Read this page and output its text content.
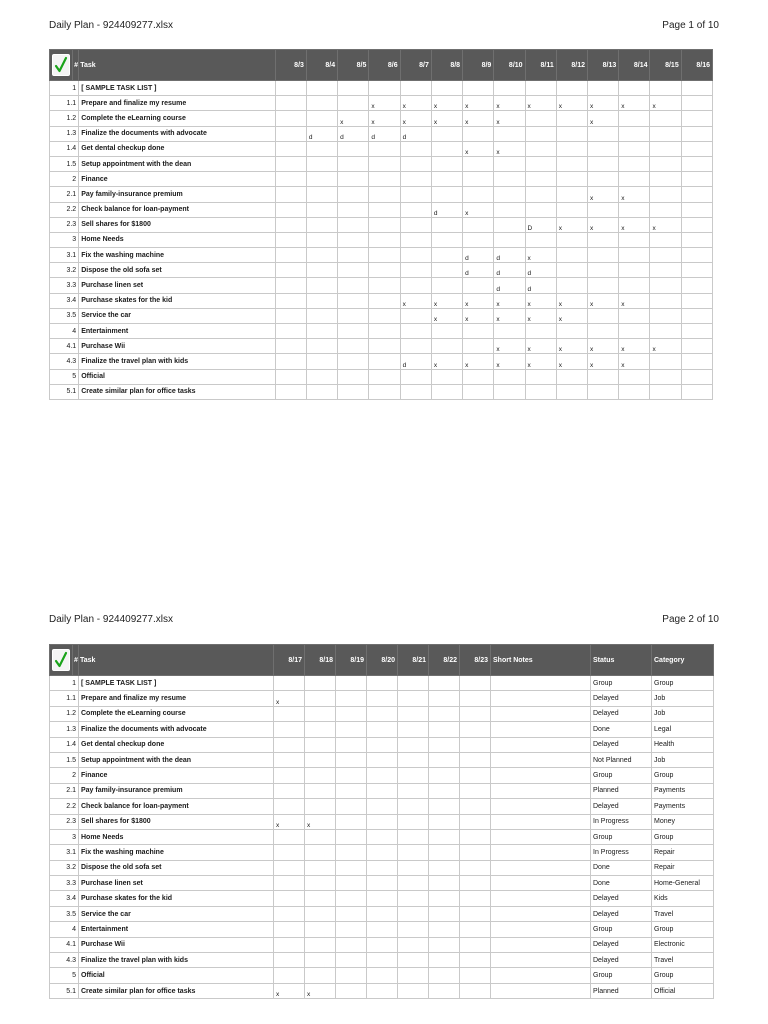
Daily Plan - 924409277.xlsx	Page 1 of 10
	#	Task	8/3	8/4	8/5	8/6	8/7	8/8	8/9	8/10	8/11	8/12	8/13	8/14	8/15	8/16
1		[ SAMPLE TASK LIST ]														
1.1		Prepare and finalize my resume				x	x	x	x	x	x	x	x	x	x	
1.2		Complete the eLearning course			x	x	x	x	x	x			x			
1.3		Finalize the documents with advocate		d	d	d	d									
1.4		Get dental checkup done							x	x						
1.5		Setup appointment with the dean														
2		Finance														
2.1		Pay family-insurance premium											x	x		
2.2		Check balance for loan-payment						d	x							
2.3		Sell shares for $1800									D	x	x	x	x	
3		Home Needs														
3.1		Fix the washing machine							d	d	x					
3.2		Dispose the old sofa set							d	d	d					
3.3		Purchase linen set								d	d					
3.4		Purchase skates for the kid					x	x	x	x	x	x	x	x		
3.5		Service the car						x	x	x	x	x				
4		Entertainment														
4.1		Purchase Wii								x	x	x	x	x	x	
4.3		Finalize the travel plan with kids					d	x	x	x	x	x	x	x		
5		Official														
5.1		Create similar plan for office tasks														
Daily Plan - 924409277.xlsx	Page 2 of 10
	#	Task	8/17	8/18	8/19	8/20	8/21	8/22	8/23	Short Notes	Status	Category
1		[ SAMPLE TASK LIST ]									Group	Group
1.1		Prepare and finalize my resume	x								Delayed	Job
1.2		Complete the eLearning course									Delayed	Job
1.3		Finalize the documents with advocate									Done	Legal
1.4		Get dental checkup done									Delayed	Health
1.5		Setup appointment with the dean									Not Planned	Job
2		Finance									Group	Group
2.1		Pay family-insurance premium									Planned	Payments
2.2		Check balance for loan-payment									Delayed	Payments
2.3		Sell shares for $1800	x	x							In Progress	Money
3		Home Needs									Group	Group
3.1		Fix the washing machine									In Progress	Repair
3.2		Dispose the old sofa set									Done	Repair
3.3		Purchase linen set									Done	Home-General
3.4		Purchase skates for the kid									Delayed	Kids
3.5		Service the car									Delayed	Travel
4		Entertainment									Group	Group
4.1		Purchase Wii									Delayed	Electronic
4.3		Finalize the travel plan with kids									Delayed	Travel
5		Official									Group	Group
5.1		Create similar plan for office tasks	x	x							Planned	Official
